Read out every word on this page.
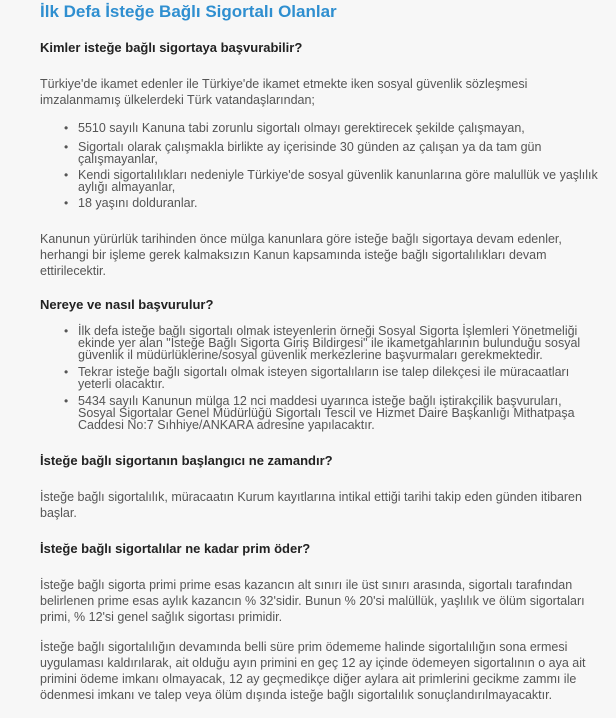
İlk Defa İsteğe Bağlı Sigortalı Olanlar
Kimler isteğe bağlı sigortaya başvurabilir?

Türkiye'de ikamet edenler ile Türkiye'de ikamet etmekte iken sosyal güvenlik sözleşmesi imzalanmamış ülkelerdeki Türk vatandaşlarından;

• 5510 sayılı Kanuna tabi zorunlu sigortalı olmayı gerektirecek şekilde çalışmayan,
• Sigortalı olarak çalışmakla birlikte ay içerisinde 30 günden az çalışan ya da tam gün çalışmayanlar,
• Kendi sigortalılıkları nedeniyle Türkiye'de sosyal güvenlik kanunlarına göre malullük ve yaşlılık aylığı almayanlar,
• 18 yaşını dolduranlar.

Kanunun yürürlük tarihinden önce mülga kanunlara göre isteğe bağlı sigortaya devam edenler, herhangi bir işleme gerek kalmaksızın Kanun kapsamında isteğe bağlı sigortalılıkları devam ettirilecektir.

Nereye ve nasıl başvurulur?
• İlk defa isteğe bağlı sigortalı olmak isteyenlerin örneği Sosyal Sigorta İşlemleri Yönetmeliği ekinde yer alan "İsteğe Bağlı Sigorta Giriş Bildirgesi" ile ikametgahlarının bulunduğu sosyal güvenlik il müdürlüklerine/sosyal güvenlik merkezlerine başvurmaları gerekmektedir.
• Tekrar isteğe bağlı sigortalı olmak isteyen sigortalıların ise talep dilekçesi ile müracaatları yeterli olacaktır.
• 5434 sayılı Kanunun mülga 12 nci maddesi uyarınca isteğe bağlı iştirakçilik başvuruları, Sosyal Sigortalar Genel Müdürlüğü Sigortalı Tescil ve Hizmet Daire Başkanlığı Mithatpaşa Caddesi No:7 Sıhhiye/ANKARA adresine yapılacaktır.
İsteğe bağlı sigortanın başlangıcı ne zamandır?

İsteğe bağlı sigortalılık, müracaatın Kurum kayıtlarına intikal ettiği tarihi takip eden günden itibaren başlar.

İsteğe bağlı sigortalılar ne kadar prim öder?

İsteğe bağlı sigorta primi prime esas kazancın alt sınırı ile üst sınırı arasında, sigortalı tarafından belirlenen prime esas aylık kazancın % 32'sidir. Bunun % 20'si malüllük, yaşlılık ve ölüm sigortaları primi, % 12'si genel sağlık sigortası primidir.

İsteğe bağlı sigortalılığın devamında belli süre prim ödememe halinde sigortalılığın sona ermesi uygulaması kaldırılarak, ait olduğu ayın primini en geç 12 ay içinde ödemeyen sigortalının o aya ait primini ödeme imkanı olmayacak, 12 ay geçmedikçe diğer aylara ait primlerini gecikme zammı ile ödenmesi imkanı ve talep veya ölüm dışında isteğe bağlı sigortalılık sonuçlandırılmayacaktır.
